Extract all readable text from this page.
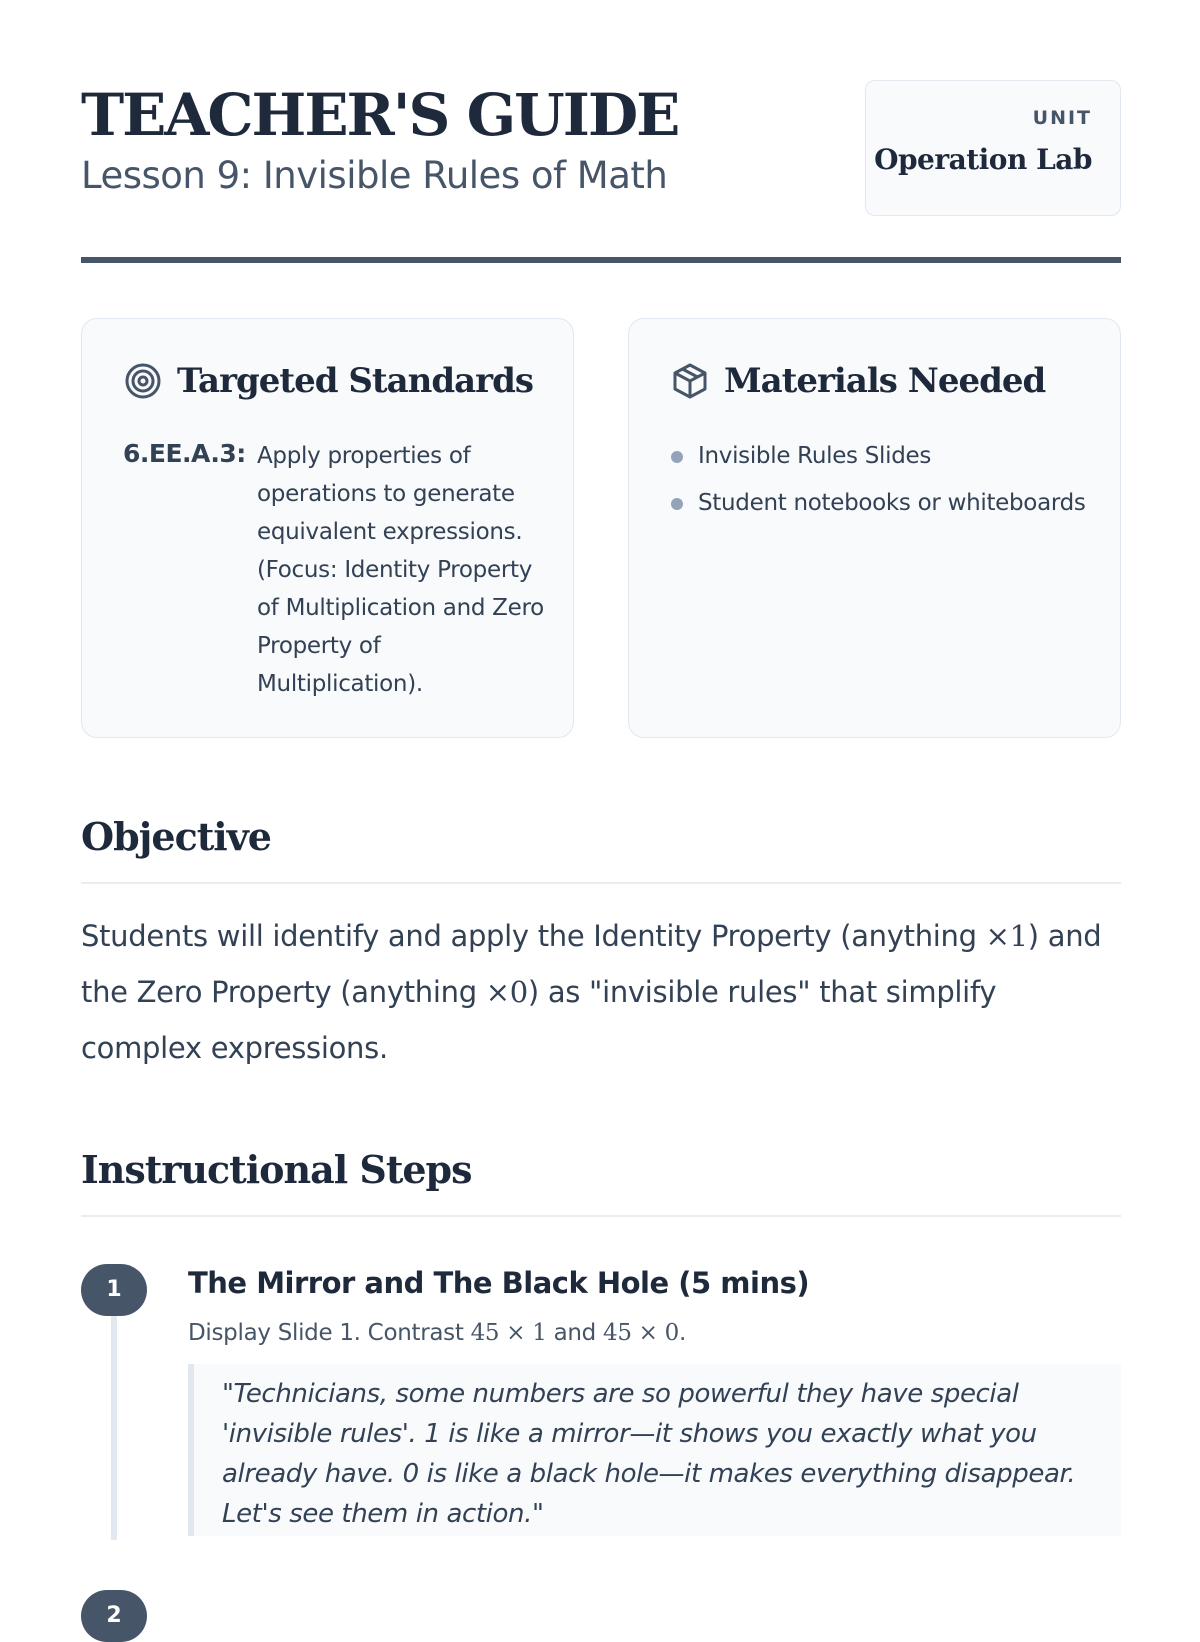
TEACHER'S GUIDE
Lesson 9: Invisible Rules of Math
UNIT
Operation Lab
Targeted Standards
6.EE.A.3: Apply properties of operations to generate equivalent expressions. (Focus: Identity Property of Multiplication and Zero Property of Multiplication).
Materials Needed
Invisible Rules Slides
Student notebooks or whiteboards
Objective
Students will identify and apply the Identity Property (anything ×1) and the Zero Property (anything ×0) as "invisible rules" that simplify complex expressions.
Instructional Steps
1	The Mirror and The Black Hole (5 mins)
Display Slide 1. Contrast 45 × 1 and 45 × 0.
"Technicians, some numbers are so powerful they have special 'invisible rules'. 1 is like a mirror—it shows you exactly what you already have. 0 is like a black hole—it makes everything disappear. Let's see them in action."
2
